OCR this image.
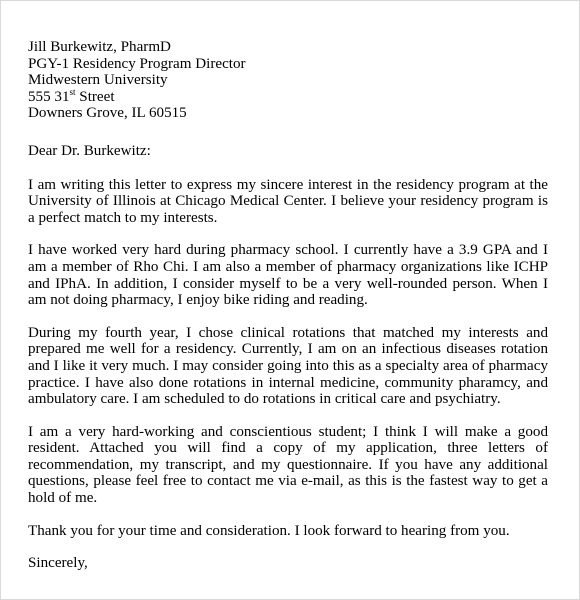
Jill Burkewitz, PharmD
PGY-1 Residency Program Director
Midwestern University
555 31st Street
Downers Grove, IL 60515
Dear Dr. Burkewitz:

I am writing this letter to express my sincere interest in the residency program at the University of Illinois at Chicago Medical Center. I believe your residency program is a perfect match to my interests.

I have worked very hard during pharmacy school. I currently have a 3.9 GPA and I am a member of Rho Chi. I am also a member of pharmacy organizations like ICHP and IPhA. In addition, I consider myself to be a very well-rounded person. When I am not doing pharmacy, I enjoy bike riding and reading.

During my fourth year, I chose clinical rotations that matched my interests and prepared me well for a residency. Currently, I am on an infectious diseases rotation and I like it very much. I may consider going into this as a specialty area of pharmacy practice. I have also done rotations in internal medicine, community pharamcy, and ambulatory care. I am scheduled to do rotations in critical care and psychiatry.

I am a very hard-working and conscientious student; I think I will make a good resident. Attached you will find a copy of my application, three letters of recommendation, my transcript, and my questionnaire. If you have any additional questions, please feel free to contact me via e-mail, as this is the fastest way to get a hold of me.

Thank you for your time and consideration. I look forward to hearing from you.

Sincerely,
